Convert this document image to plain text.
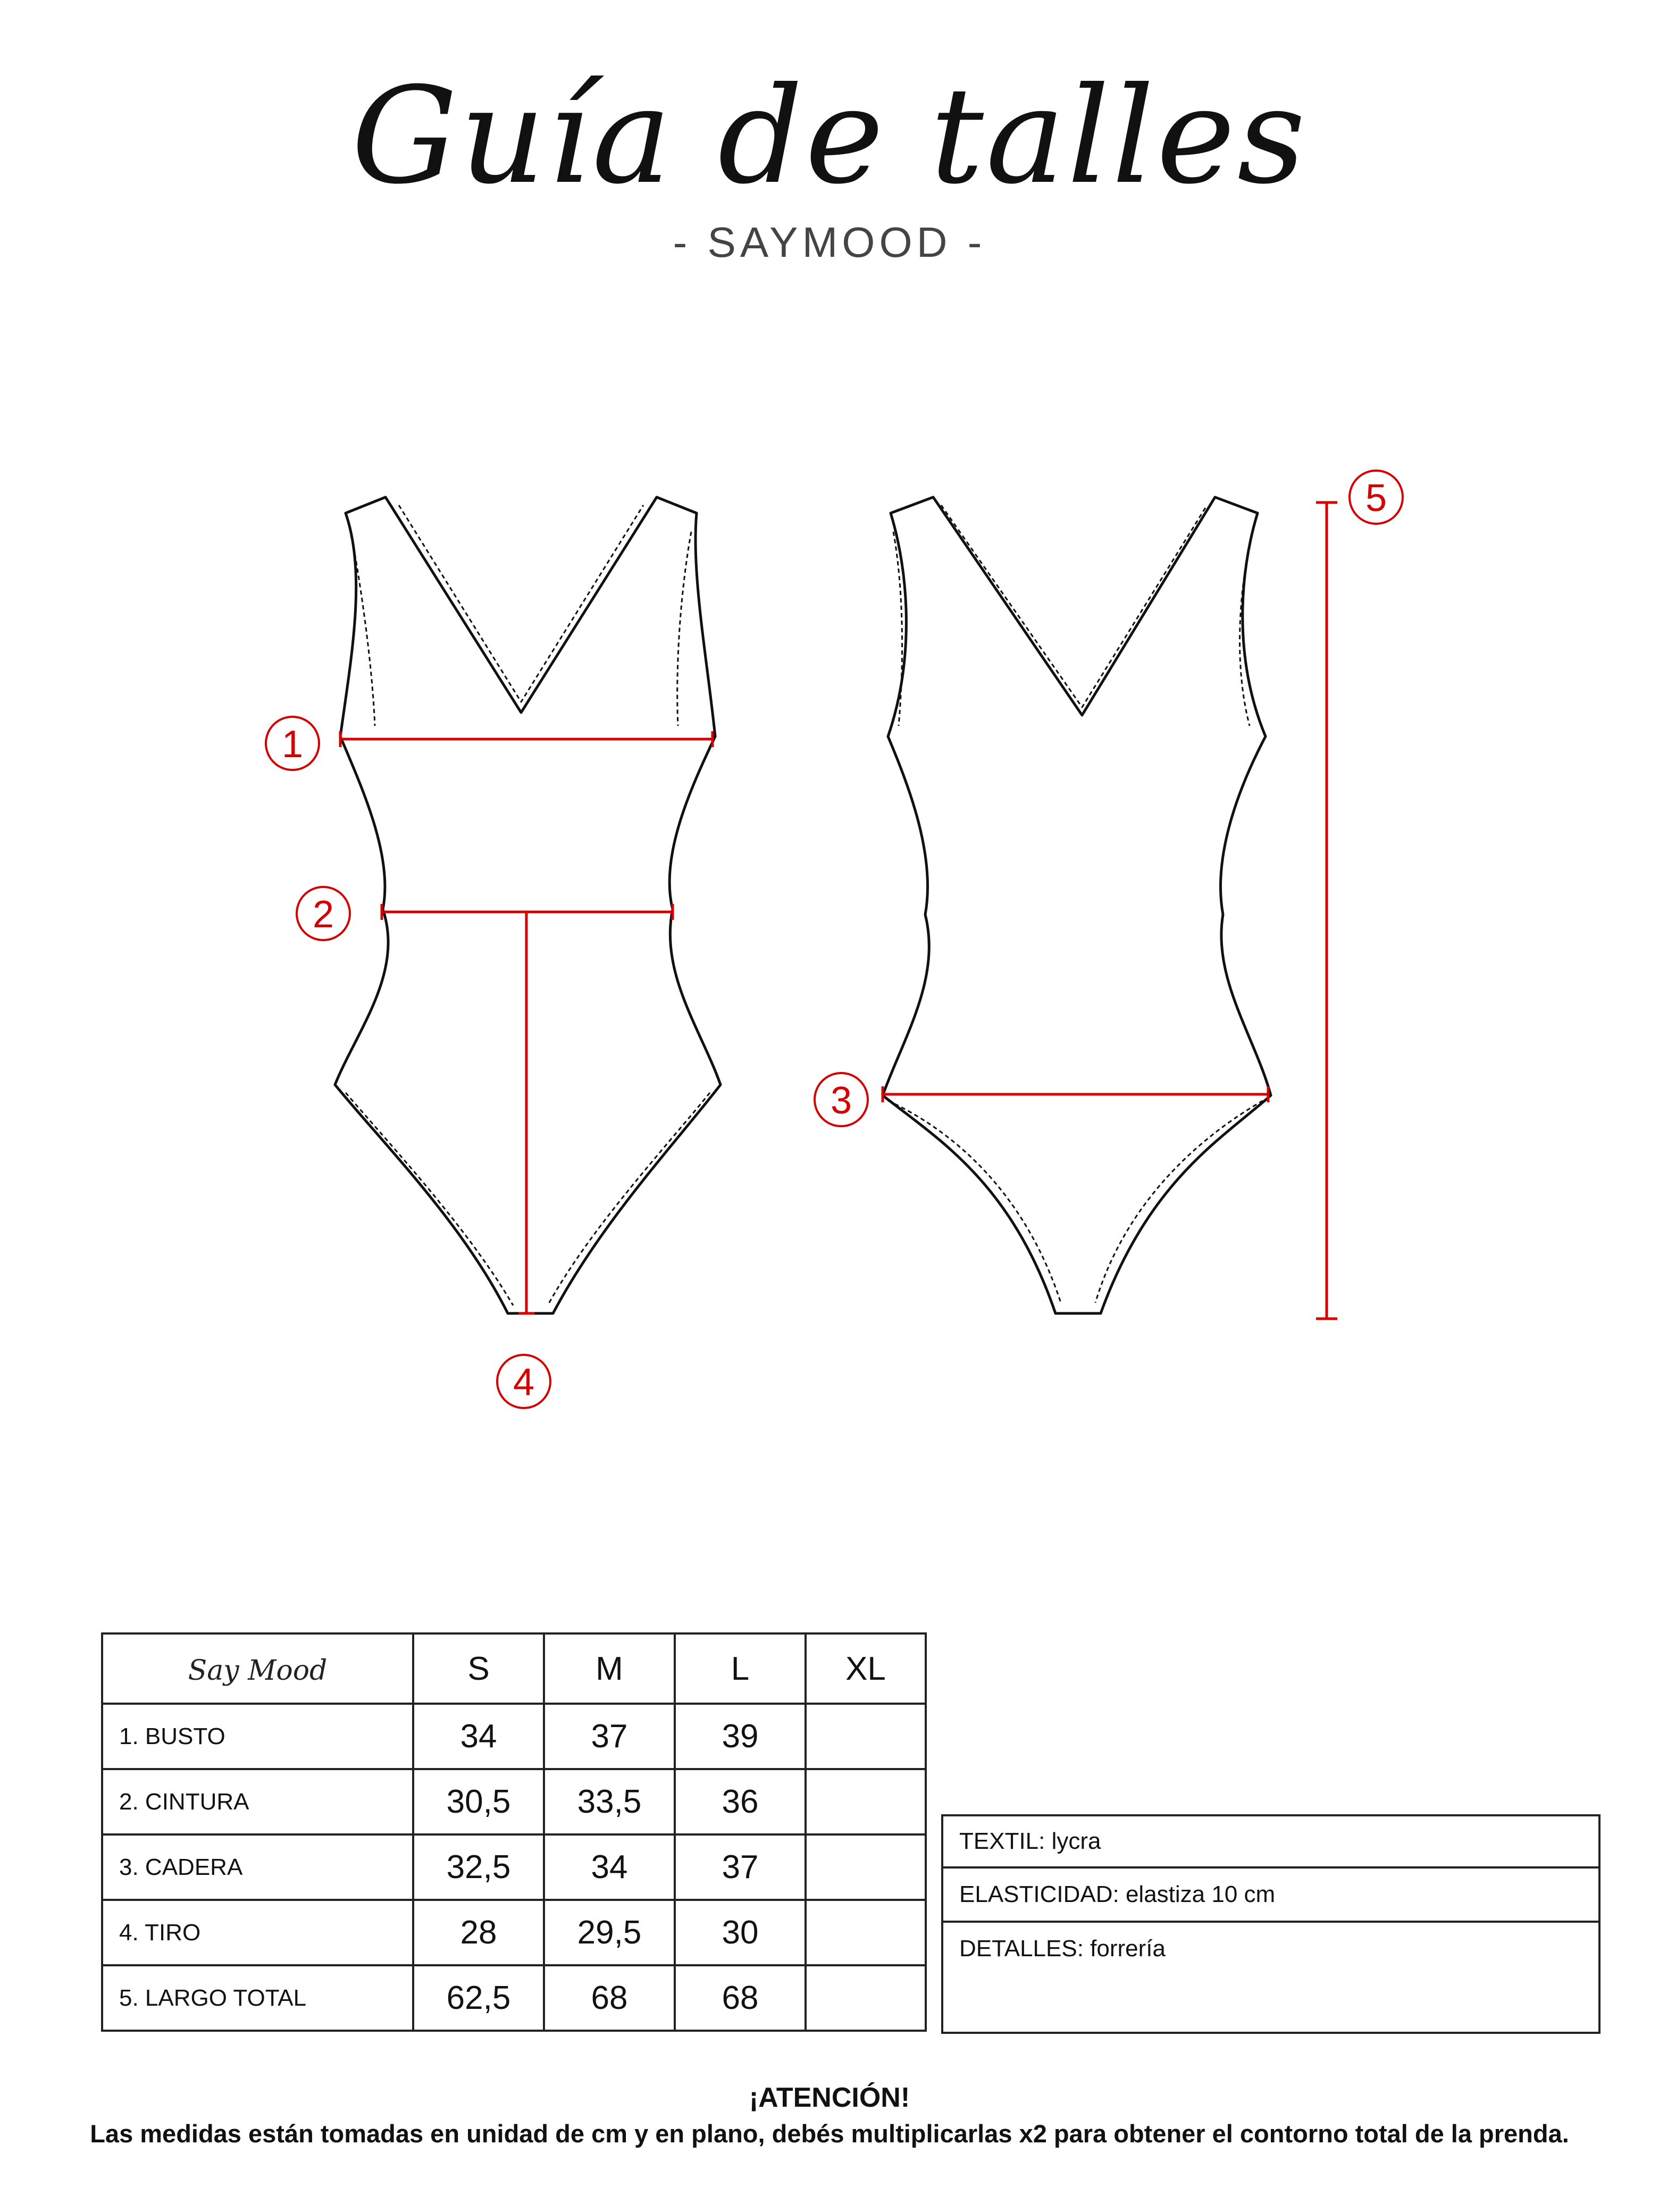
Guía de talles
- SAYMOOD -
1
2
3
4
5
Say Mood	S	M	L	XL
1. BUSTO	34	37	39	
2. CINTURA	30,5	33,5	36	
3. CADERA	32,5	34	37	
4. TIRO	28	29,5	30	
5. LARGO TOTAL	62,5	68	68	
TEXTIL: lycra
ELASTICIDAD: elastiza 10 cm
DETALLES: forrería
¡ATENCIÓN!
Las medidas están tomadas en unidad de cm y en plano, debés multiplicarlas x2 para obtener el contorno total de la prenda.
